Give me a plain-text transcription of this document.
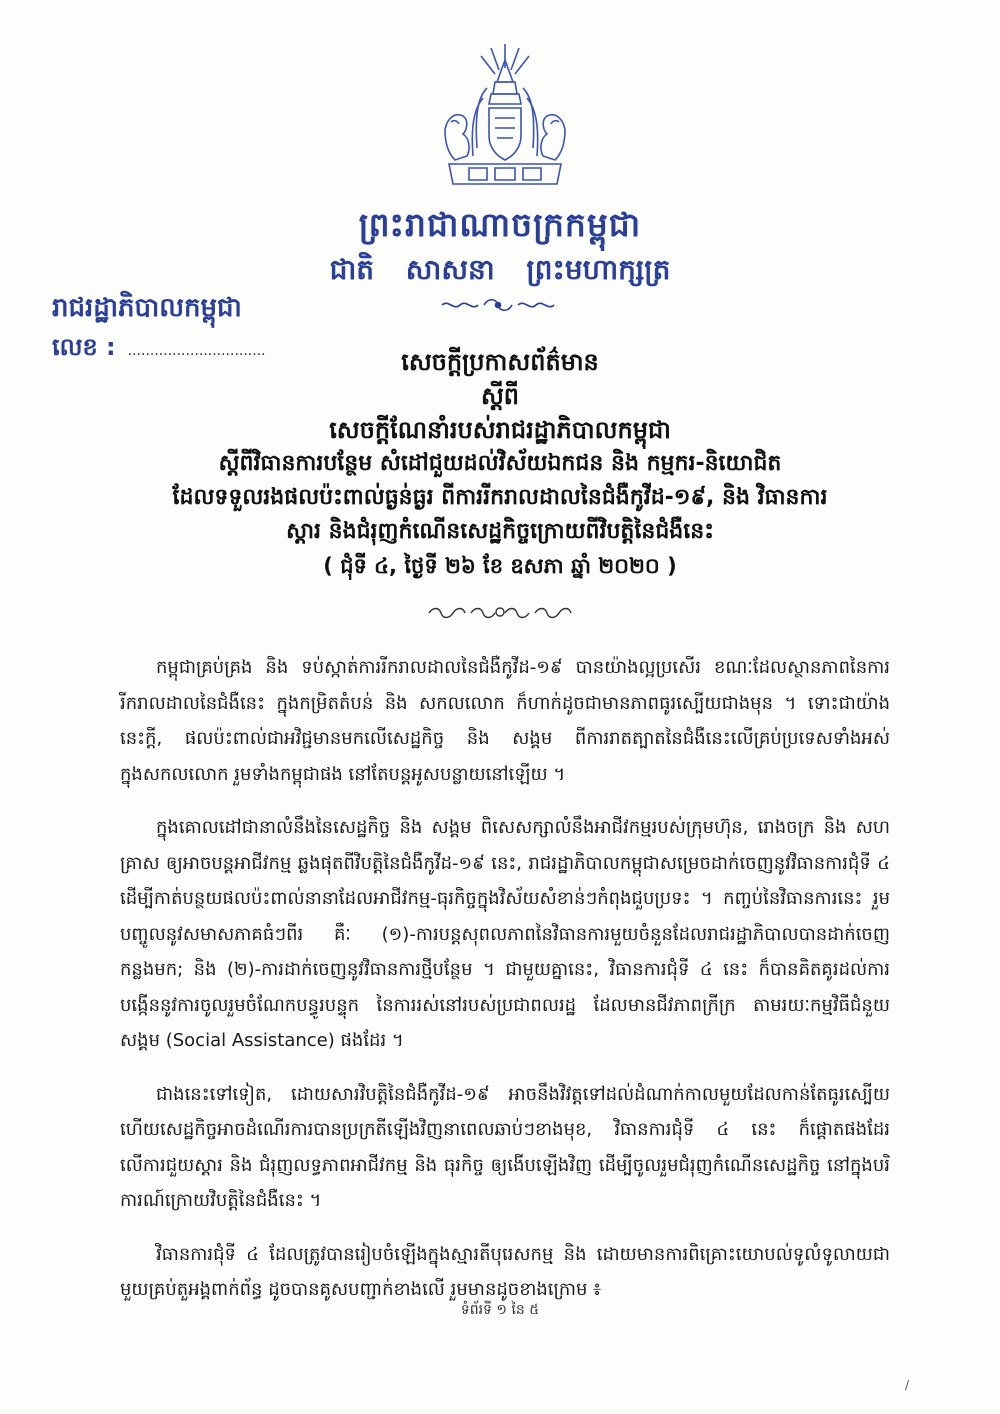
ព្រះរាជាណាចក្រកម្ពុជា
ជាតិ សាសនា ព្រះមហាក្សត្រ
រាជរដ្ឋាភិបាលកម្ពុជា
លេខ : ...............................	សេចក្តីប្រកាសព័ត៌មាន
ស្តីពី
សេចក្តីណែនាំរបស់រាជរដ្ឋាភិបាលកម្ពុជា
ស្តីពីវិធានការបន្ថែម សំដៅជួយដល់វិស័យឯកជន និង កម្មករ-និយោជិត
ដែលទទួលរងផលប៉ះពាល់ធ្ងន់ធ្ងរ ពីការរីករាលដាលនៃជំងឺកូវីដ-១៩, និង វិធានការ
ស្តារ និងជំរុញកំណើនសេដ្ឋកិច្ចក្រោយពីវិបត្តិនៃជំងឺនេះ
( ជុំទី ៤, ថ្ងៃទី ២៦ ខែ ឧសភា ឆ្នាំ ២០២០ )

កម្ពុជាគ្រប់គ្រង និង ទប់ស្កាត់ការរីករាលដាលនៃជំងឺកូវីដ-១៩ បានយ៉ាងល្អប្រសើរ ខណៈដែលស្ថានភាពនៃការរីករាលដាលនៃជំងឺនេះ ក្នុងកម្រិតតំបន់ និង សកលលោក ក៏ហាក់ដូចជាមានភាពធូរស្បើយជាងមុន ។ ទោះជាយ៉ាងនេះក្តី, ផលប៉ះពាល់ជាអវិជ្ជមានមកលើសេដ្ឋកិច្ច និង សង្គម ពីការរាតត្បាតនៃជំងឺនេះលើគ្រប់ប្រទេសទាំងអស់ក្នុងសកលលោក រួមទាំងកម្ពុជាផង នៅតែបន្តអូសបន្លាយនៅឡើយ ។

ក្នុងគោលដៅជានាលំនឹងនៃសេដ្ឋកិច្ច និង សង្គម ពិសេសក្សាលំនឹងអាជីវកម្មរបស់ក្រុមហ៊ុន, រោងចក្រ និង សហគ្រាស ឲ្យអាចបន្តអាជីវកម្ម ឆ្លងផុតពីវិបត្តិនៃជំងឺកូវីដ-១៩ នេះ, រាជរដ្ឋាភិបាលកម្ពុជាសម្រេចដាក់ចេញនូវវិធានការជុំទី ៤ ដើម្បីកាត់បន្ថយផលប៉ះពាល់នានាដែលអាជីវកម្ម-ធុរកិច្ចក្នុងវិស័យសំខាន់ៗកំពុងជួបប្រទះ ។ កញ្ចប់នៃវិធានការនេះ រួមបញ្ចូលនូវសមាសភាគធំៗពីរ គឺៈ (១)-ការបន្តសុពលភាពនៃវិធានការមួយចំនួនដែលរាជរដ្ឋាភិបាលបានដាក់ចេញកន្លងមក; និង (២)-ការដាក់ចេញនូវវិធានការថ្មីបន្ថែម ។ ជាមួយគ្នានេះ, វិធានការជុំទី ៤ នេះ ក៏បានគិតគូរដល់ការបង្កើននូវការចូលរួមចំណែកបន្ធូរបន្ទុក នៃការរស់នៅរបស់ប្រជាពលរដ្ឋ ដែលមានជីវភាពក្រីក្រ តាមរយៈកម្មវិធីជំនួយសង្គម (Social Assistance) ផងដែរ ។

ជាងនេះទៅទៀត, ដោយសារវិបត្តិនៃជំងឺកូវីដ-១៩ អាចនឹងវិវត្តទៅដល់ដំណាក់កាលមួយដែលកាន់តែធូរស្បើយ ហើយសេដ្ឋកិច្ចអាចដំណើរការបានប្រក្រតីឡើងវិញនាពេលឆាប់ៗខាងមុខ, វិធានការជុំទី ៤ នេះ ក៏ផ្តោតផងដែរ លើការជួយស្តារ និង ជំរុញលទ្ធភាពអាជីវកម្ម និង ធុរកិច្ច ឲ្យងើបឡើងវិញ ដើម្បីចូលរួមជំរុញកំណើនសេដ្ឋកិច្ច នៅក្នុងបរិការណ៍ក្រោយវិបត្តិនៃជំងឺនេះ ។

វិធានការជុំទី ៤ ដែលត្រូវបានរៀបចំឡើងក្នុងស្មារតីបុរេសកម្ម និង ដោយមានការពិគ្រោះយោបល់ទូលំទូលាយជាមួយគ្រប់តួអង្គពាក់ព័ន្ធ ដូចបានគូសបញ្ជាក់ខាងលើ រួមមានដូចខាងក្រោម ៖

ទំព័រទី ១ នៃ ៥
/
